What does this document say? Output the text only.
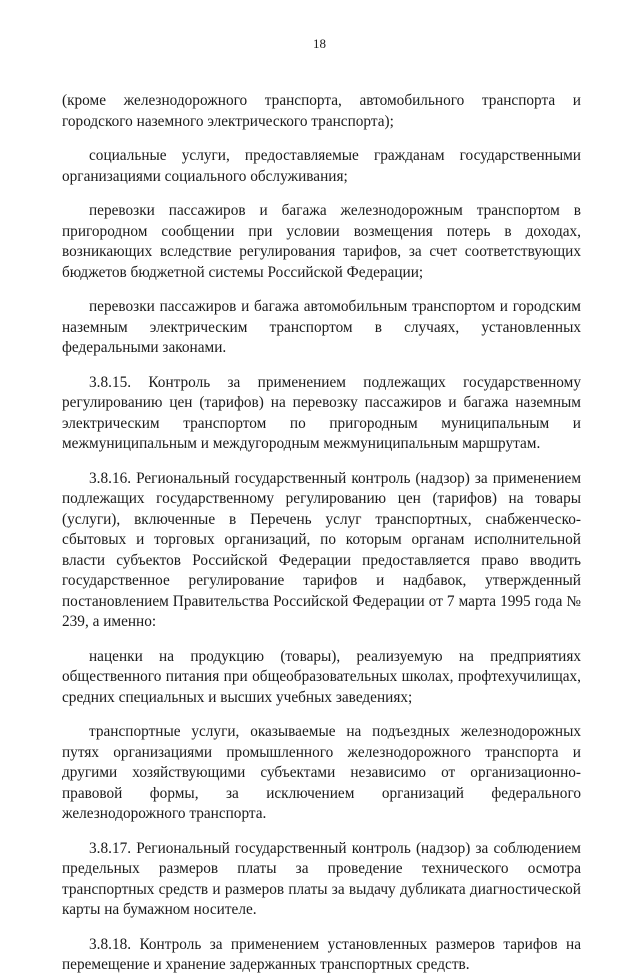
18

(кроме железнодорожного транспорта, автомобильного транспорта и городского наземного электрического транспорта);

социальные услуги, предоставляемые гражданам государственными организациями социального обслуживания;

перевозки пассажиров и багажа железнодорожным транспортом в пригородном сообщении при условии возмещения потерь в доходах, возникающих вследствие регулирования тарифов, за счет соответствующих бюджетов бюджетной системы Российской Федерации;

перевозки пассажиров и багажа автомобильным транспортом и городским наземным электрическим транспортом в случаях, установленных федеральными законами.

3.8.15. Контроль за применением подлежащих государственному регулированию цен (тарифов) на перевозку пассажиров и багажа наземным электрическим транспортом по пригородным муниципальным и межмуниципальным и междугородным межмуниципальным маршрутам.

3.8.16. Региональный государственный контроль (надзор) за применением подлежащих государственному регулированию цен (тарифов) на товары (услуги), включенные в Перечень услуг транспортных, снабженческо-сбытовых и торговых организаций, по которым органам исполнительной власти субъектов Российской Федерации предоставляется право вводить государственное регулирование тарифов и надбавок, утвержденный постановлением Правительства Российской Федерации от 7 марта 1995 года № 239, а именно:

наценки на продукцию (товары), реализуемую на предприятиях общественного питания при общеобразовательных школах, профтехучилищах, средних специальных и высших учебных заведениях;

транспортные услуги, оказываемые на подъездных железнодорожных путях организациями промышленного железнодорожного транспорта и другими хозяйствующими субъектами независимо от организационно-правовой формы, за исключением организаций федерального железнодорожного транспорта.

3.8.17. Региональный государственный контроль (надзор) за соблюдением предельных размеров платы за проведение технического осмотра транспортных средств и размеров платы за выдачу дубликата диагностической карты на бумажном носителе.

3.8.18. Контроль за применением установленных размеров тарифов на перемещение и хранение задержанных транспортных средств.
